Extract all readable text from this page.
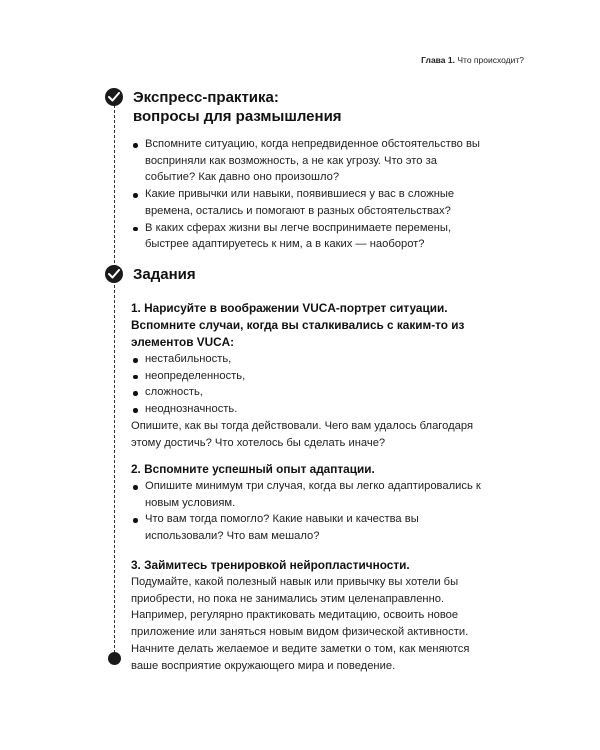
Глава 1. Что происходит?
Экспресс-практика:
вопросы для размышления
Вспомните ситуацию, когда непредвиденное обстоятельство вы восприняли как возможность, а не как угрозу. Что это за событие? Как давно оно произошло?
Какие привычки или навыки, появившиеся у вас в сложные времена, остались и помогают в разных обстоятельствах?
В каких сферах жизни вы легче воспринимаете перемены, быстрее адаптируетесь к ним, а в каких — наоборот?
Задания
1. Нарисуйте в воображении VUCA-портрет ситуации. Вспомните случаи, когда вы сталкивались с каким-то из элементов VUCA:
нестабильность,
неопределенность,
сложность,
неоднозначность.

Опишите, как вы тогда действовали. Чего вам удалось благодаря этому достичь? Что хотелось бы сделать иначе?

2. Вспомните успешный опыт адаптации.
Опишите минимум три случая, когда вы легко адаптировались к новым условиям.
Что вам тогда помогло? Какие навыки и качества вы использовали? Что вам мешало?
3. Займитесь тренировкой нейропластичности.

Подумайте, какой полезный навык или привычку вы хотели бы приобрести, но пока не занимались этим целенаправленно. Например, регулярно практиковать медитацию, освоить новое приложение или заняться новым видом физической активности. Начните делать желаемое и ведите заметки о том, как меняются ваше восприятие окружающего мира и поведение.
